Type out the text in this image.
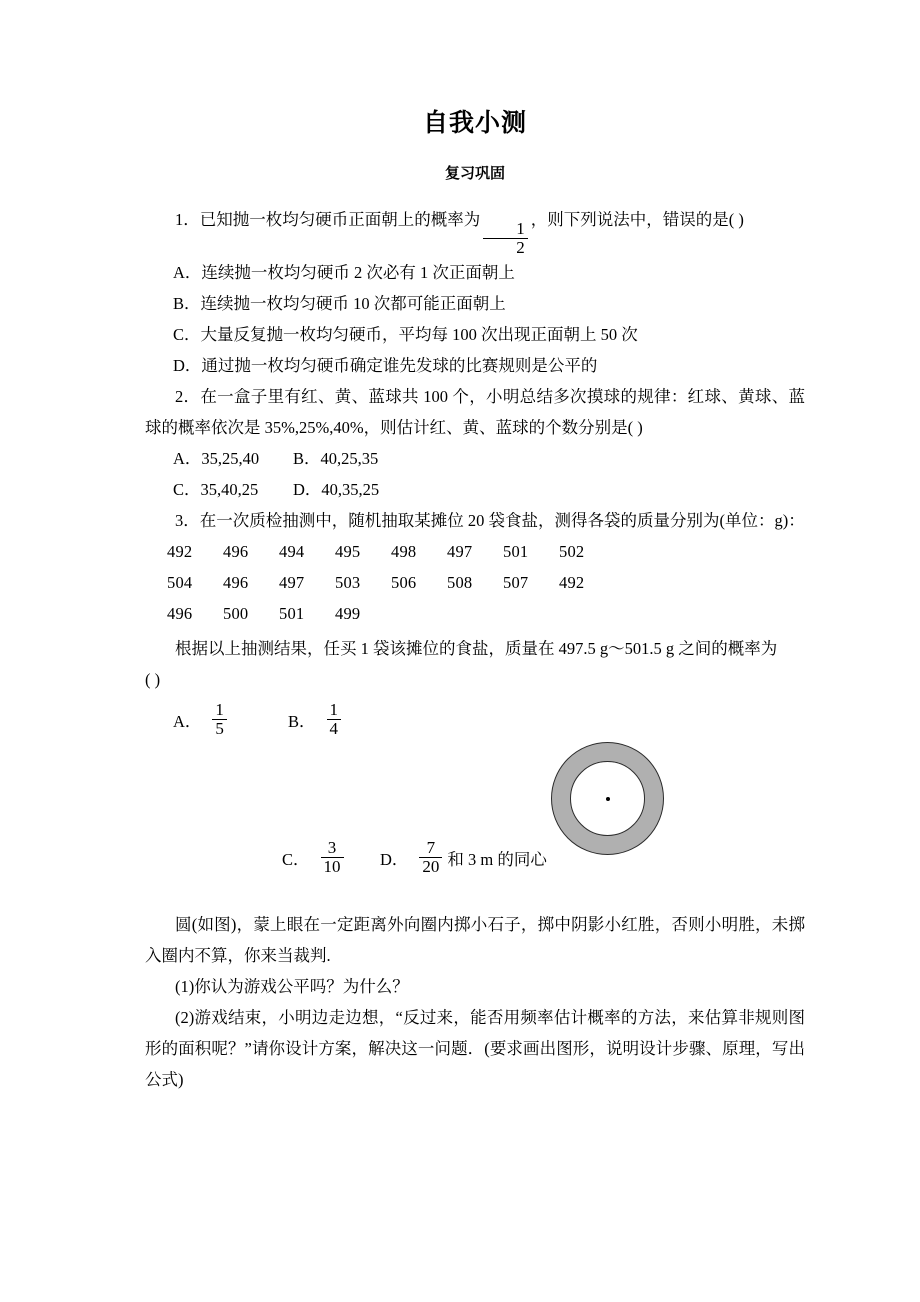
自我小测
复习巩固

1．已知抛一枚均匀硬币正面朝上的概率为
$\frac{1}{2}$
，则下列说法中，错误的是( )

A．连续抛一枚均匀硬币 2 次必有 1 次正面朝上

B．连续抛一枚均匀硬币 10 次都可能正面朝上

C．大量反复抛一枚均匀硬币，平均每 100 次出现正面朝上 50 次

D．通过抛一枚均匀硬币确定谁先发球的比赛规则是公平的

2．在一盒子里有红、黄、蓝球共 100 个，小明总结多次摸球的规律：红球、黄球、蓝球的概率依次是 35%,25%,40%，则估计红、黄、蓝球的个数分别是( )

A．35,25,40	B．40,25,35
C．35,40,25	D．40,35,25

3．在一次质检抽测中，随机抽取某摊位 20 袋食盐，测得各袋的质量分别为(单位：g)：

492 496 494 495 498 497 501 502

504 496 497 503 506 508 507 492

496 500 501 499

根据以上抽测结果，任买 1 袋该摊位的食盐，质量在 497.5 g～501.5 g 之间的概率为

( )

A． $\frac{1}{5}$	B． $\frac{1}{4}$
C． $\frac{3}{10}$ D． $\frac{7}{20}$ 和 3 m 的同心

圆(如图)，蒙上眼在一定距离外向圈内掷小石子，掷中阴影小红胜，否则小明胜，未掷入圈内不算，你来当裁判.

(1)你认为游戏公平吗？为什么？

(2)游戏结束，小明边走边想，“反过来，能否用频率估计概率的方法，来估算非规则图形的面积呢？”请你设计方案，解决这一问题．(要求画出图形，说明设计步骤、原理，写出公式)
